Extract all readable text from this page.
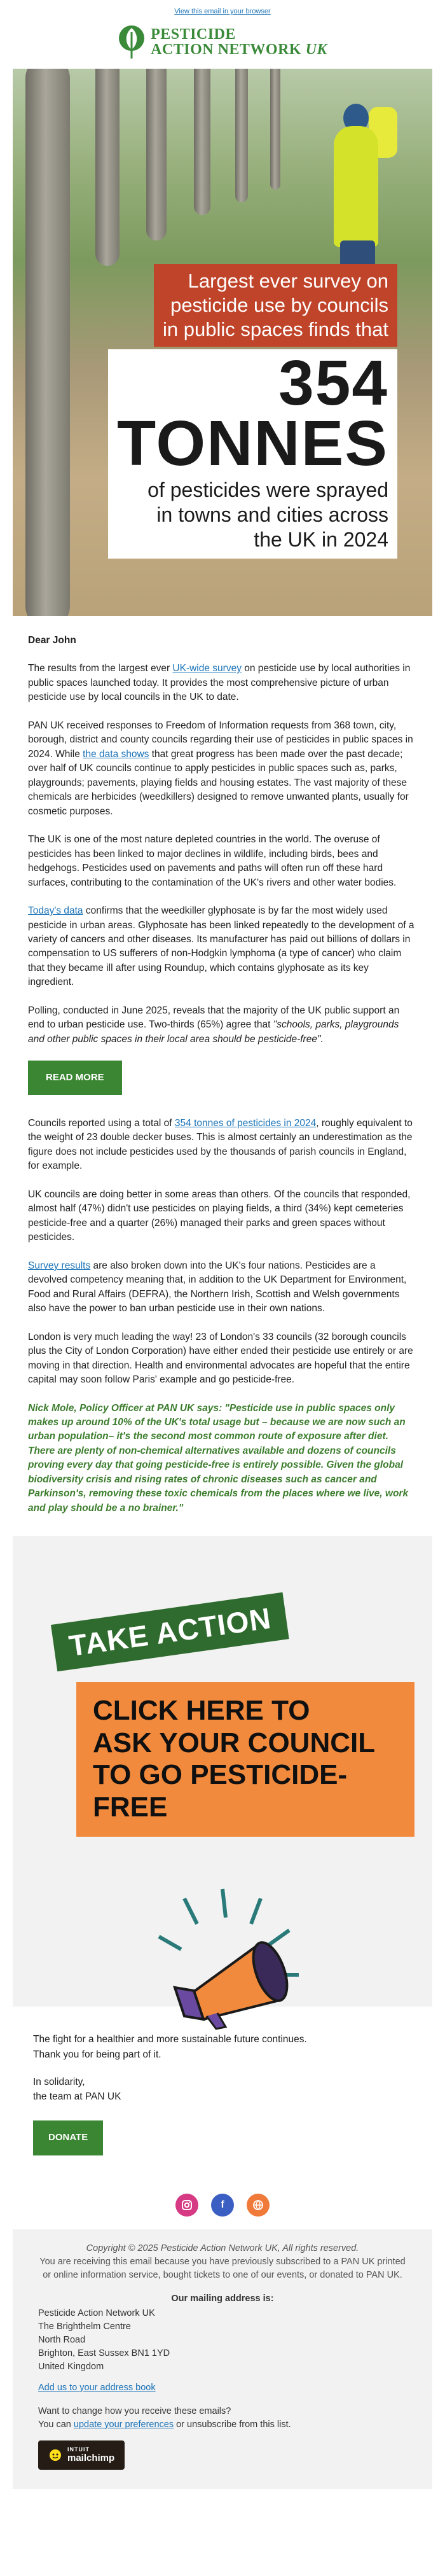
View this email in your browser
PESTICIDE
ACTION NETWORK UK
Largest ever survey on
pesticide use by councils
in public spaces finds that

354
TONNES
of pesticides were sprayed
in towns and cities across
the UK in 2024

Dear John

The results from the largest ever UK-wide survey on pesticide use by local authorities in public spaces launched today. It provides the most comprehensive picture of urban pesticide use by local councils in the UK to date.

PAN UK received responses to Freedom of Information requests from 368 town, city, borough, district and county councils regarding their use of pesticides in public spaces in 2024. While the data shows that great progress has been made over the past decade; over half of UK councils continue to apply pesticides in public spaces such as, parks, playgrounds; pavements, playing fields and housing estates. The vast majority of these chemicals are herbicides (weedkillers) designed to remove unwanted plants, usually for cosmetic purposes.

The UK is one of the most nature depleted countries in the world. The overuse of pesticides has been linked to major declines in wildlife, including birds, bees and hedgehogs. Pesticides used on pavements and paths will often run off these hard surfaces, contributing to the contamination of the UK's rivers and other water bodies.

Today's data confirms that the weedkiller glyphosate is by far the most widely used pesticide in urban areas. Glyphosate has been linked repeatedly to the development of a variety of cancers and other diseases. Its manufacturer has paid out billions of dollars in compensation to US sufferers of non-Hodgkin lymphoma (a type of cancer) who claim that they became ill after using Roundup, which contains glyphosate as its key ingredient.

Polling, conducted in June 2025, reveals that the majority of the UK public support an end to urban pesticide use. Two-thirds (65%) agree that "schools, parks, playgrounds and other public spaces in their local area should be pesticide-free".

READ MORE

Councils reported using a total of 354 tonnes of pesticides in 2024, roughly equivalent to the weight of 23 double decker buses. This is almost certainly an underestimation as the figure does not include pesticides used by the thousands of parish councils in England, for example.

UK councils are doing better in some areas than others. Of the councils that responded, almost half (47%) didn't use pesticides on playing fields, a third (34%) kept cemeteries pesticide-free and a quarter (26%) managed their parks and green spaces without pesticides.

Survey results are also broken down into the UK's four nations. Pesticides are a devolved competency meaning that, in addition to the UK Department for Environment, Food and Rural Affairs (DEFRA), the Northern Irish, Scottish and Welsh governments also have the power to ban urban pesticide use in their own nations.

London is very much leading the way! 23 of London's 33 councils (32 borough councils plus the City of London Corporation) have either ended their pesticide use entirely or are moving in that direction. Health and environmental advocates are hopeful that the entire capital may soon follow Paris' example and go pesticide-free.

Nick Mole, Policy Officer at PAN UK says: "Pesticide use in public spaces only makes up around 10% of the UK's total usage but – because we are now such an urban population– it's the second most common route of exposure after diet. There are plenty of non-chemical alternatives available and dozens of councils proving every day that going pesticide-free is entirely possible. Given the global biodiversity crisis and rising rates of chronic diseases such as cancer and Parkinson's, removing these toxic chemicals from the places where we live, work and play should be a no brainer."

TAKE ACTION
CLICK HERE TO
ASK YOUR COUNCIL
TO GO PESTICIDE-FREE

The fight for a healthier and more sustainable future continues.
Thank you for being part of it.

In solidarity,
the team at PAN UK

DONATE

f
Copyright © 2025 Pesticide Action Network UK, All rights reserved.
You are receiving this email because you have previously subscribed to a PAN UK printed or online information service, bought tickets to one of our events, or donated to PAN UK.
Our mailing address is:
Pesticide Action Network UK
The Brighthelm Centre
North Road
Brighton, East Sussex BN1 1YD
United Kingdom
Add us to your address book
Want to change how you receive these emails?
You can update your preferences or unsubscribe from this list.
INTUIT
mailchimp
